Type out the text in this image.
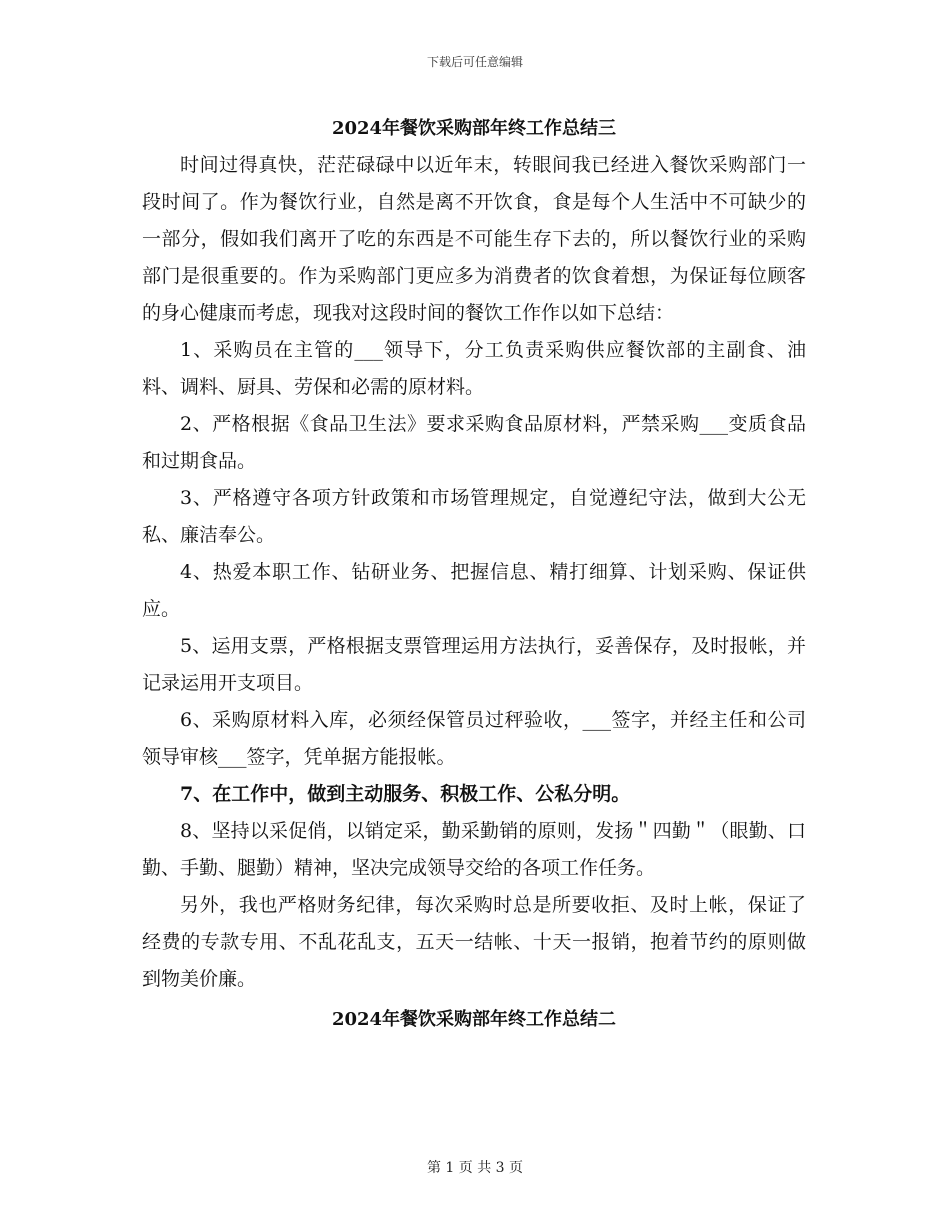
下载后可任意编辑
2024年餐饮采购部年终工作总结三

时间过得真快，茫茫碌碌中以近年末，转眼间我已经进入餐饮采购部门一段时间了。作为餐饮行业，自然是离不开饮食，食是每个人生活中不可缺少的一部分，假如我们离开了吃的东西是不可能生存下去的，所以餐饮行业的采购部门是很重要的。作为采购部门更应多为消费者的饮食着想，为保证每位顾客的身心健康而考虑，现我对这段时间的餐饮工作作以如下总结：

1、采购员在主管的___领导下，分工负责采购供应餐饮部的主副食、油料、调料、厨具、劳保和必需的原材料。

2、严格根据《食品卫生法》要求采购食品原材料，严禁采购___变质食品和过期食品。

3、严格遵守各项方针政策和市场管理规定，自觉遵纪守法，做到大公无私、廉洁奉公。

4、热爱本职工作、钻研业务、把握信息、精打细算、计划采购、保证供应。

5、运用支票，严格根据支票管理运用方法执行，妥善保存，及时报帐，并记录运用开支项目。

6、采购原材料入库，必须经保管员过秤验收，___签字，并经主任和公司领导审核___签字，凭单据方能报帐。

7、在工作中，做到主动服务、积极工作、公私分明。

8、坚持以采促俏，以销定采，勤采勤销的原则，发扬＂四勤＂（眼勤、口勤、手勤、腿勤）精神，坚决完成领导交给的各项工作任务。

另外，我也严格财务纪律，每次采购时总是所要收拒、及时上帐，保证了经费的专款专用、不乱花乱支，五天一结帐、十天一报销，抱着节约的原则做到物美价廉。

2024年餐饮采购部年终工作总结二
第 1 页 共 3 页
